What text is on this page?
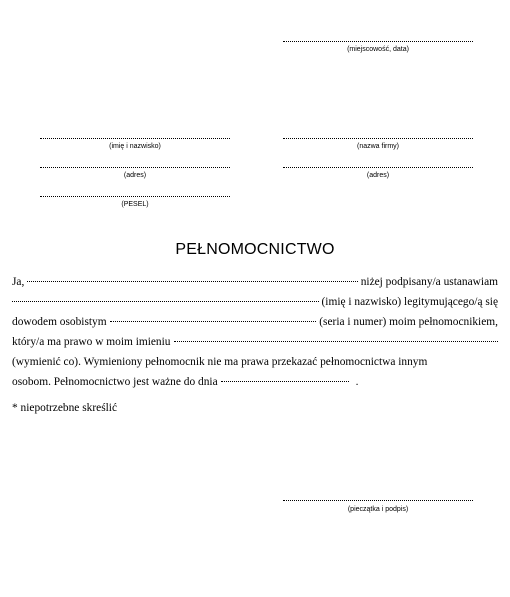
(miejscowość, data)
(imię i nazwisko)
(adres)
(PESEL)
(nazwa firmy)
(adres)
PEŁNOMOCNICTWO
Ja,	niżej podpisany/a ustanawiam
(imię i nazwisko) legitymującego/ą się
dowodem osobistym	(seria i numer) moim pełnomocnikiem,
który/a ma prawo w moim imieniu
(wymienić co). Wymieniony pełnomocnik nie ma prawa przekazać pełnomocnictwa innym
osobom. Pełnomocnictwo jest ważne do dnia	.
* niepotrzebne skreślić
(pieczątka i podpis)
